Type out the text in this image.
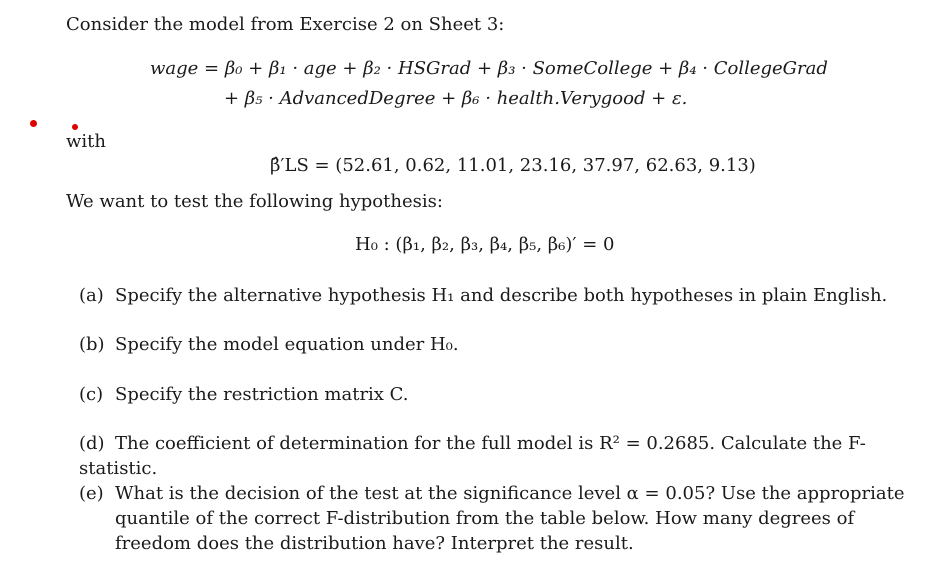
Consider the model from Exercise 2 on Sheet 3:
wage = β₀ + β₁ · age + β₂ · HSGrad + β₃ · SomeCollege + β₄ · CollegeGrad
+ β₅ · AdvancedDegree + β₆ · health.Verygood + ε.
with
β̂′LS = (52.61, 0.62, 11.01, 23.16, 37.97, 62.63, 9.13)
We want to test the following hypothesis:
H₀ : (β₁, β₂, β₃, β₄, β₅, β₆)′ = 0
(a) Specify the alternative hypothesis H₁ and describe both hypotheses in plain English.
(b) Specify the model equation under H₀.
(c) Specify the restriction matrix C.
(d) The coefficient of determination for the full model is R² = 0.2685. Calculate the F-statistic.
(e) What is the decision of the test at the significance level α = 0.05? Use the appropriate quantile of the correct F-distribution from the table below. How many degrees of freedom does the distribution have? Interpret the result.
